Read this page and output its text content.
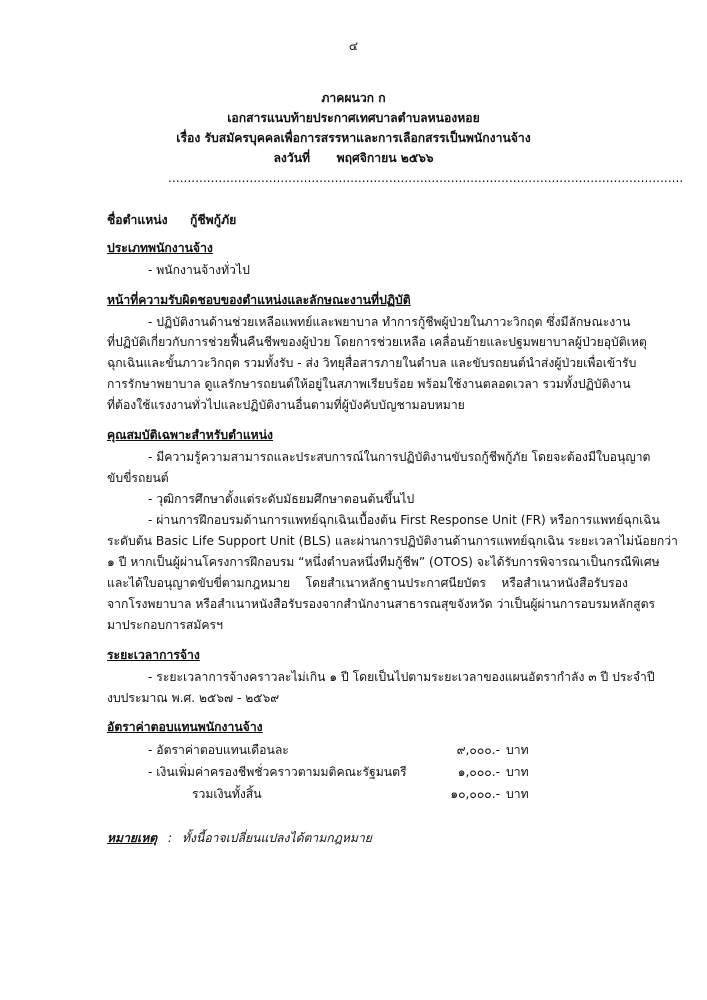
๔
ภาคผนวก ก
เอกสารแนบท้ายประกาศเทศบาลตำบลหนองหอย
เรื่อง รับสมัครบุคคลเพื่อการสรรหาและการเลือกสรรเป็นพนักงานจ้าง
ลงวันที่ พฤศจิกายน ๒๕๖๖
.....................................................................................................................................
ชื่อตำแหน่ง กู้ชีพกู้ภัย
ประเภทพนักงานจ้าง
- พนักงานจ้างทั่วไป
หน้าที่ความรับผิดชอบของตำแหน่งและลักษณะงานที่ปฏิบัติ
- ปฏิบัติงานด้านช่วยเหลือแพทย์และพยาบาล ทำการกู้ชีพผู้ป่วยในภาวะวิกฤต ซึ่งมีลักษณะงาน
ที่ปฏิบัติเกี่ยวกับการช่วยฟื้นคืนชีพของผู้ป่วย โดยการช่วยเหลือ เคลื่อนย้ายและปฐมพยาบาลผู้ป่วยอุบัติเหตุ
ฉุกเฉินและขั้นภาวะวิกฤต รวมทั้งรับ - ส่ง วิทยุสื่อสารภายในตำบล และขับรถยนต์นำส่งผู้ป่วยเพื่อเข้ารับ
การรักษาพยาบาล ดูแลรักษารถยนต์ให้อยู่ในสภาพเรียบร้อย พร้อมใช้งานตลอดเวลา รวมทั้งปฏิบัติงาน
ที่ต้องใช้แรงงานทั่วไปและปฏิบัติงานอื่นตามที่ผู้บังคับบัญชามอบหมาย
คุณสมบัติเฉพาะสำหรับตำแหน่ง
- มีความรู้ความสามารถและประสบการณ์ในการปฏิบัติงานขับรถกู้ชีพกู้ภัย โดยจะต้องมีใบอนุญาต
ขับขี่รถยนต์
- วุฒิการศึกษาตั้งแต่ระดับมัธยมศึกษาตอนต้นขึ้นไป
- ผ่านการฝึกอบรมด้านการแพทย์ฉุกเฉินเบื้องต้น First Response Unit (FR) หรือการแพทย์ฉุกเฉิน
ระดับต้น Basic Life Support Unit (BLS) และผ่านการปฏิบัติงานด้านการแพทย์ฉุกเฉิน ระยะเวลาไม่น้อยกว่า
๑ ปี หากเป็นผู้ผ่านโครงการฝึกอบรม “หนึ่งตำบลหนึ่งทีมกู้ชีพ” (OTOS) จะได้รับการพิจารณาเป็นกรณีพิเศษ
และได้ใบอนุญาตขับขี่ตามกฎหมาย โดยสำเนาหลักฐานประกาศนียบัตร หรือสำเนาหนังสือรับรอง
จากโรงพยาบาล หรือสำเนาหนังสือรับรองจากสำนักงานสาธารณสุขจังหวัด ว่าเป็นผู้ผ่านการอบรมหลักสูตร
มาประกอบการสมัครฯ
ระยะเวลาการจ้าง
- ระยะเวลาการจ้างคราวละไม่เกิน ๑ ปี โดยเป็นไปตามระยะเวลาของแผนอัตรากำลัง ๓ ปี ประจำปี
งบประมาณ พ.ศ. ๒๕๖๗ - ๒๕๖๙
อัตราค่าตอบแทนพนักงานจ้าง
- อัตราค่าตอบแทนเดือนละ	๙,๐๐๐.- บาท
- เงินเพิ่มค่าครองชีพชั่วคราวตามมติคณะรัฐมนตรี	๑,๐๐๐.- บาท
รวมเงินทั้งสิ้น	๑๐,๐๐๐.- บาท
หมายเหตุ : ทั้งนี้อาจเปลี่ยนแปลงได้ตามกฎหมาย
